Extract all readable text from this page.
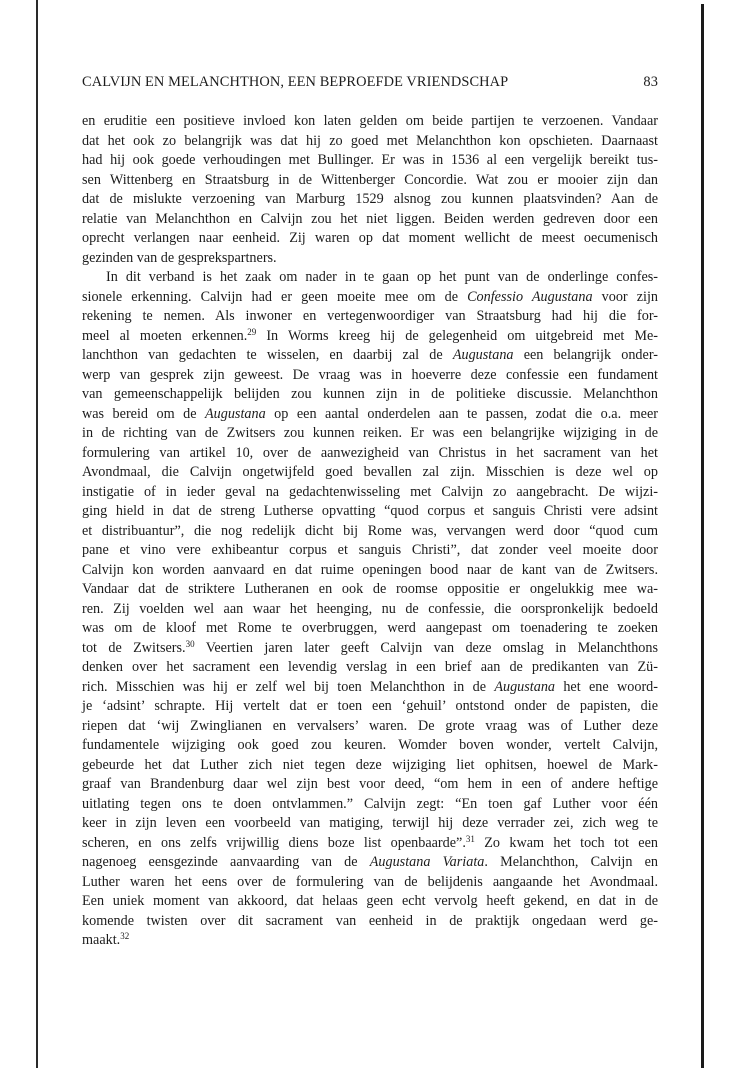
CALVIJN EN MELANCHTHON, EEN BEPROEFDE VRIENDSCHAP	83
en eruditie een positieve invloed kon laten gelden om beide partijen te verzoenen. Vandaar
dat het ook zo belangrijk was dat hij zo goed met Melanchthon kon opschieten. Daarnaast
had hij ook goede verhoudingen met Bullinger. Er was in 1536 al een vergelijk bereikt tus-
sen Wittenberg en Straatsburg in de Wittenberger Concordie. Wat zou er mooier zijn dan
dat de mislukte verzoening van Marburg 1529 alsnog zou kunnen plaatsvinden? Aan de
relatie van Melanchthon en Calvijn zou het niet liggen. Beiden werden gedreven door een
oprecht verlangen naar eenheid. Zij waren op dat moment wellicht de meest oecumenisch
gezinden van de gesprekspartners.
In dit verband is het zaak om nader in te gaan op het punt van de onderlinge confes-
sionele erkenning. Calvijn had er geen moeite mee om de Confessio Augustana voor zijn
rekening te nemen. Als inwoner en vertegenwoordiger van Straatsburg had hij die for-
meel al moeten erkennen.$^{29}$ In Worms kreeg hij de gelegenheid om uitgebreid met Me-
lanchthon van gedachten te wisselen, en daarbij zal de Augustana een belangrijk onder-
werp van gesprek zijn geweest. De vraag was in hoeverre deze confessie een fundament
van gemeenschappelijk belijden zou kunnen zijn in de politieke discussie. Melanchthon
was bereid om de Augustana op een aantal onderdelen aan te passen, zodat die o.a. meer
in de richting van de Zwitsers zou kunnen reiken. Er was een belangrijke wijziging in de
formulering van artikel 10, over de aanwezigheid van Christus in het sacrament van het
Avondmaal, die Calvijn ongetwijfeld goed bevallen zal zijn. Misschien is deze wel op
instigatie of in ieder geval na gedachtenwisseling met Calvijn zo aangebracht. De wijzi-
ging hield in dat de streng Lutherse opvatting “quod corpus et sanguis Christi vere adsint
et distribuantur”, die nog redelijk dicht bij Rome was, vervangen werd door “quod cum
pane et vino vere exhibeantur corpus et sanguis Christi”, dat zonder veel moeite door
Calvijn kon worden aanvaard en dat ruime openingen bood naar de kant van de Zwitsers.
Vandaar dat de striktere Lutheranen en ook de roomse oppositie er ongelukkig mee wa-
ren. Zij voelden wel aan waar het heenging, nu de confessie, die oorspronkelijk bedoeld
was om de kloof met Rome te overbruggen, werd aangepast om toenadering te zoeken
tot de Zwitsers.$^{30}$ Veertien jaren later geeft Calvijn van deze omslag in Melanchthons
denken over het sacrament een levendig verslag in een brief aan de predikanten van Zü-
rich. Misschien was hij er zelf wel bij toen Melanchthon in de Augustana het ene woord-
je ‘adsint’ schrapte. Hij vertelt dat er toen een ‘gehuil’ ontstond onder de papisten, die
riepen dat ‘wij Zwinglianen en vervalsers’ waren. De grote vraag was of Luther deze
fundamentele wijziging ook goed zou keuren. Womder boven wonder, vertelt Calvijn,
gebeurde het dat Luther zich niet tegen deze wijziging liet ophitsen, hoewel de Mark-
graaf van Brandenburg daar wel zijn best voor deed, “om hem in een of andere heftige
uitlating tegen ons te doen ontvlammen.” Calvijn zegt: “En toen gaf Luther voor één
keer in zijn leven een voorbeeld van matiging, terwijl hij deze verrader zei, zich weg te
scheren, en ons zelfs vrijwillig diens boze list openbaarde”.$^{31}$ Zo kwam het toch tot een
nagenoeg eensgezinde aanvaarding van de Augustana Variata. Melanchthon, Calvijn en
Luther waren het eens over de formulering van de belijdenis aangaande het Avondmaal.
Een uniek moment van akkoord, dat helaas geen echt vervolg heeft gekend, en dat in de
komende twisten over dit sacrament van eenheid in de praktijk ongedaan werd ge-
maakt.$^{32}$
